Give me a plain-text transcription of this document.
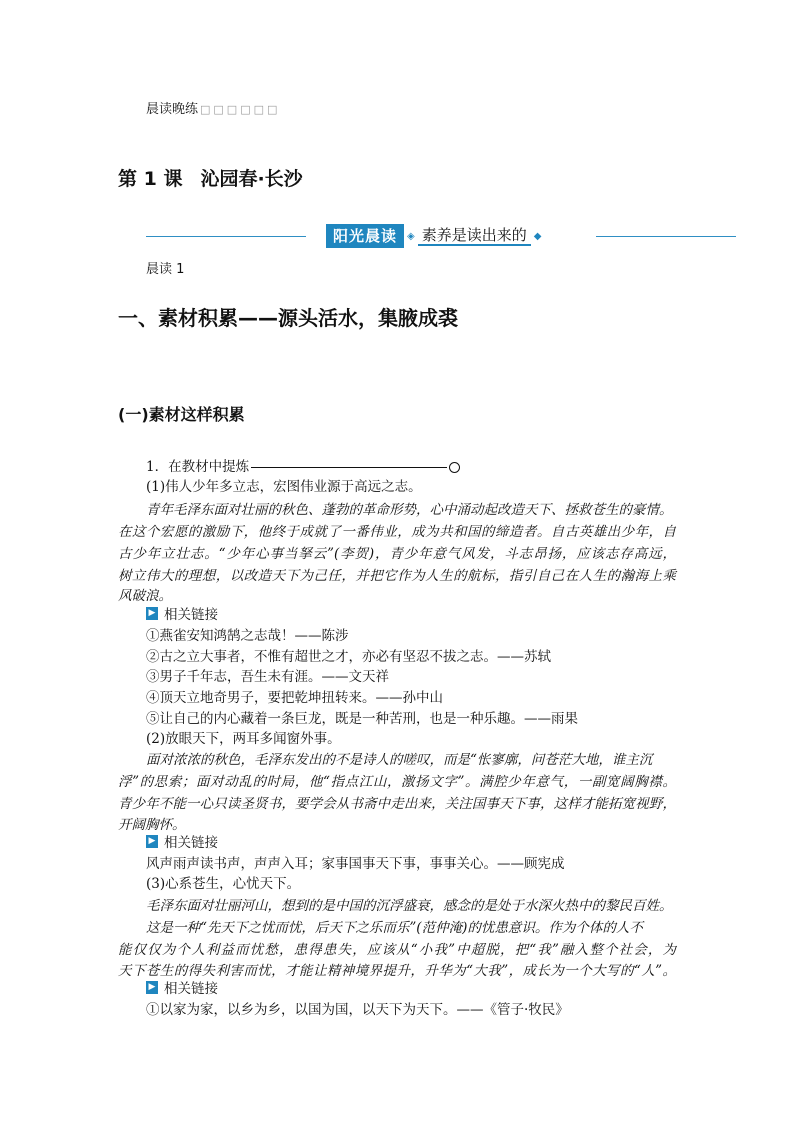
晨读晚练 □□□□□□
第 1 课 沁园春·长沙
阳光晨读	◈ 素养是读出来的 ◆
晨读 1
一、素材积累——源头活水，集腋成裘
(一)素材这样积累
1．在教材中提炼
(1)伟人少年多立志，宏图伟业源于高远之志。
青年毛泽东面对壮丽的秋色、蓬勃的革命形势，心中涌动起改造天下、拯救苍生的豪情。
在这个宏愿的激励下，他终于成就了一番伟业，成为共和国的缔造者。自古英雄出少年，自
古少年立壮志。“少年心事当拏云”(李贺)，青少年意气风发，斗志昂扬，应该志存高远，
树立伟大的理想，以改造天下为己任，并把它作为人生的航标，指引自己在人生的瀚海上乘
风破浪。
▶ 相关链接
①燕雀安知鸿鹄之志哉！——陈涉
②古之立大事者，不惟有超世之才，亦必有坚忍不拔之志。——苏轼
③男子千年志，吾生未有涯。——文天祥
④顶天立地奇男子，要把乾坤扭转来。——孙中山
⑤让自己的内心藏着一条巨龙，既是一种苦刑，也是一种乐趣。——雨果
(2)放眼天下，两耳多闻窗外事。
面对浓浓的秋色，毛泽东发出的不是诗人的嗟叹，而是“怅寥廓，问苍茫大地，谁主沉
浮”的思索；面对动乱的时局，他“指点江山，激扬文字”。满腔少年意气，一副宽阔胸襟。
青少年不能一心只读圣贤书，要学会从书斋中走出来，关注国事天下事，这样才能拓宽视野，
开阔胸怀。
▶ 相关链接
风声雨声读书声，声声入耳；家事国事天下事，事事关心。——顾宪成
(3)心系苍生，心忧天下。
毛泽东面对壮丽河山，想到的是中国的沉浮盛衰，感念的是处于水深火热中的黎民百姓。
这是一种“先天下之忧而忧，后天下之乐而乐”(范仲淹)的忧患意识。作为个体的人不
能仅仅为个人利益而忧愁，患得患失，应该从“小我”中超脱，把“我”融入整个社会，为
天下苍生的得失利害而忧，才能让精神境界提升，升华为“大我”，成长为一个大写的“人”。
▶ 相关链接
①以家为家，以乡为乡，以国为国，以天下为天下。——《管子·牧民》
